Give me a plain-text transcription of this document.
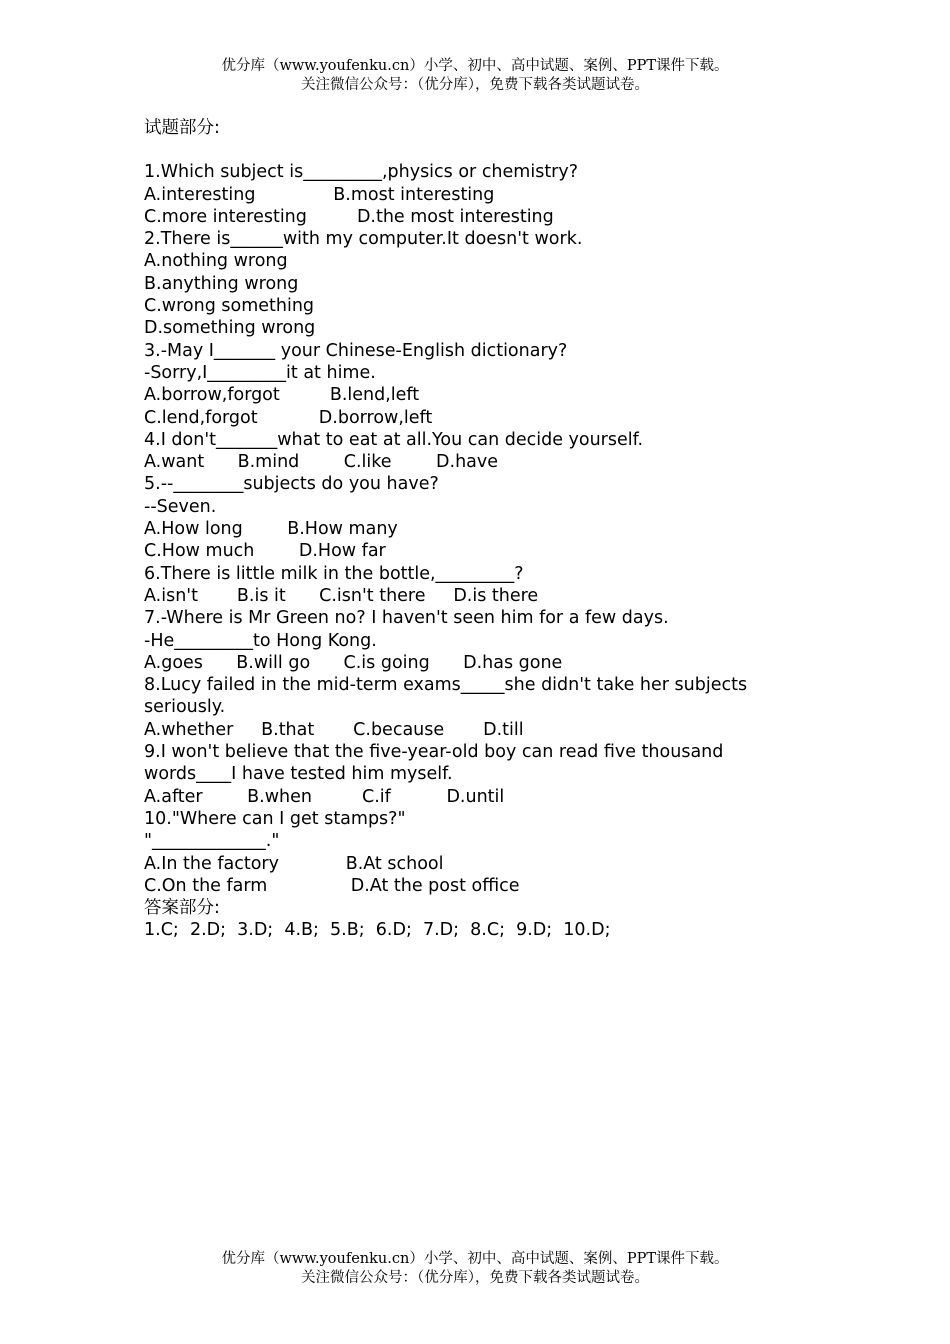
优分库（www.youfenku.cn）小学、初中、高中试题、案例、PPT课件下载。
关注微信公众号：（优分库），免费下载各类试题试卷。
试题部分:
1.Which subject is_________,physics or chemistry?
A.interesting              B.most interesting
C.more interesting         D.the most interesting
2.There is______with my computer.It doesn't work.
A.nothing wrong
B.anything wrong
C.wrong something
D.something wrong
3.-May I_______ your Chinese-English dictionary?
-Sorry,I_________it at hime.
A.borrow,forgot         B.lend,left
C.lend,forgot           D.borrow,left
4.I don't_______what to eat at all.You can decide yourself.
A.want      B.mind        C.like        D.have
5.--________subjects do you have?
--Seven.
A.How long        B.How many
C.How much        D.How far
6.There is little milk in the bottle,_________?
A.isn't       B.is it      C.isn't there     D.is there
7.-Where is Mr Green no? I haven't seen him for a few days.
-He_________to Hong Kong.
A.goes      B.will go      C.is going      D.has gone
8.Lucy failed in the mid-term exams_____she didn't take her subjects
seriously.
A.whether     B.that       C.because       D.till
9.I won't believe that the five-year-old boy can read five thousand
words____I have tested him myself.
A.after        B.when         C.if          D.until
10."Where can I get stamps?"
"_____________."
A.In the factory            B.At school
C.On the farm               D.At the post office
答案部分:
1.C;  2.D;  3.D;  4.B;  5.B;  6.D;  7.D;  8.C;  9.D;  10.D;
优分库（www.youfenku.cn）小学、初中、高中试题、案例、PPT课件下载。
关注微信公众号：（优分库），免费下载各类试题试卷。
